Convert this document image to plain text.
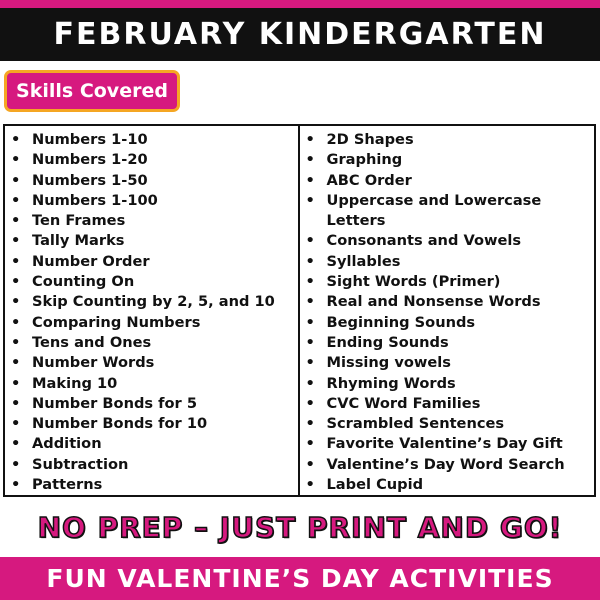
FEBRUARY KINDERGARTEN
Skills Covered
• Numbers 1-10
• Numbers 1-20
• Numbers 1-50
• Numbers 1-100
• Ten Frames
• Tally Marks
• Number Order
• Counting On
• Skip Counting by 2, 5, and 10
• Comparing Numbers
• Tens and Ones
• Number Words
• Making 10
• Number Bonds for 5
• Number Bonds for 10
• Addition
• Subtraction
• Patterns
• 2D Shapes
• Graphing
• ABC Order
• Uppercase and Lowercase Letters
• Consonants and Vowels
• Syllables
• Sight Words (Primer)
• Real and Nonsense Words
• Beginning Sounds
• Ending Sounds
• Missing vowels
• Rhyming Words
• CVC Word Families
• Scrambled Sentences
• Favorite Valentine’s Day Gift
• Valentine’s Day Word Search
• Label Cupid
NO PREP – JUST PRINT AND GO!
FUN VALENTINE’S DAY ACTIVITIES
